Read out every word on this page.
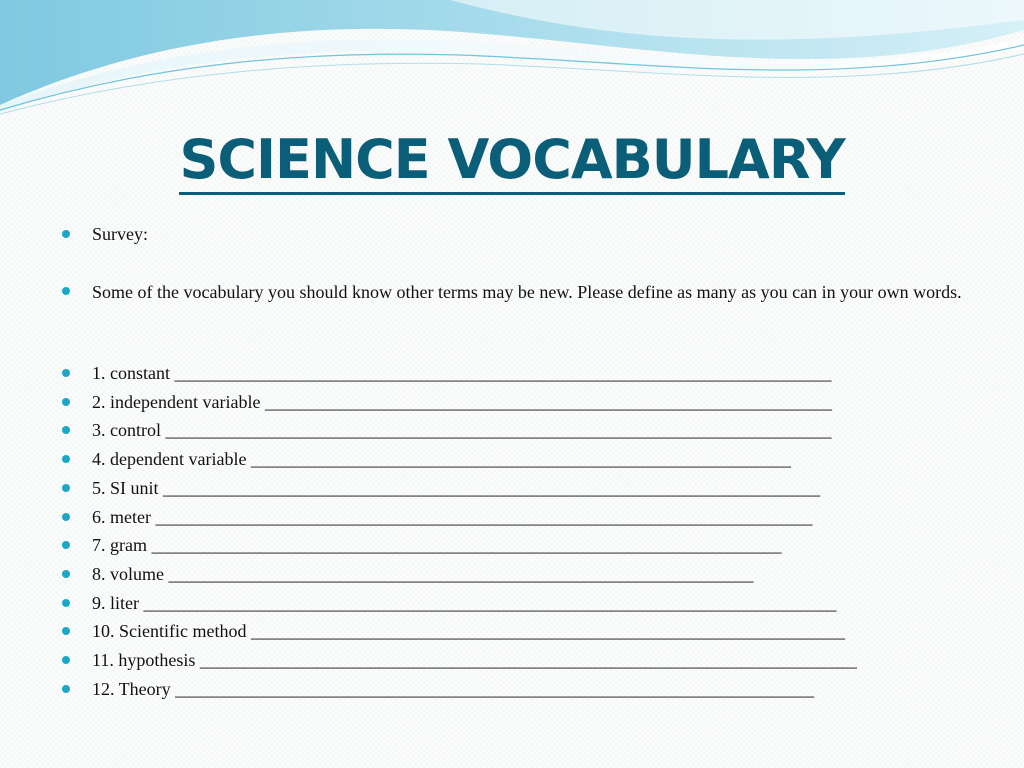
SCIENCE VOCABULARY
Survey:
Some of the vocabulary you should know other terms may be new. Please define as many as you can in your own words.
1. constant _________________________________________________________________________
2. independent variable _______________________________________________________________
3. control __________________________________________________________________________
4. dependent variable ____________________________________________________________
5. SI unit _________________________________________________________________________
6. meter _________________________________________________________________________
7. gram ______________________________________________________________________
8. volume _________________________________________________________________
9. liter _____________________________________________________________________________
10. Scientific method __________________________________________________________________
11. hypothesis _________________________________________________________________________
12. Theory _______________________________________________________________________
